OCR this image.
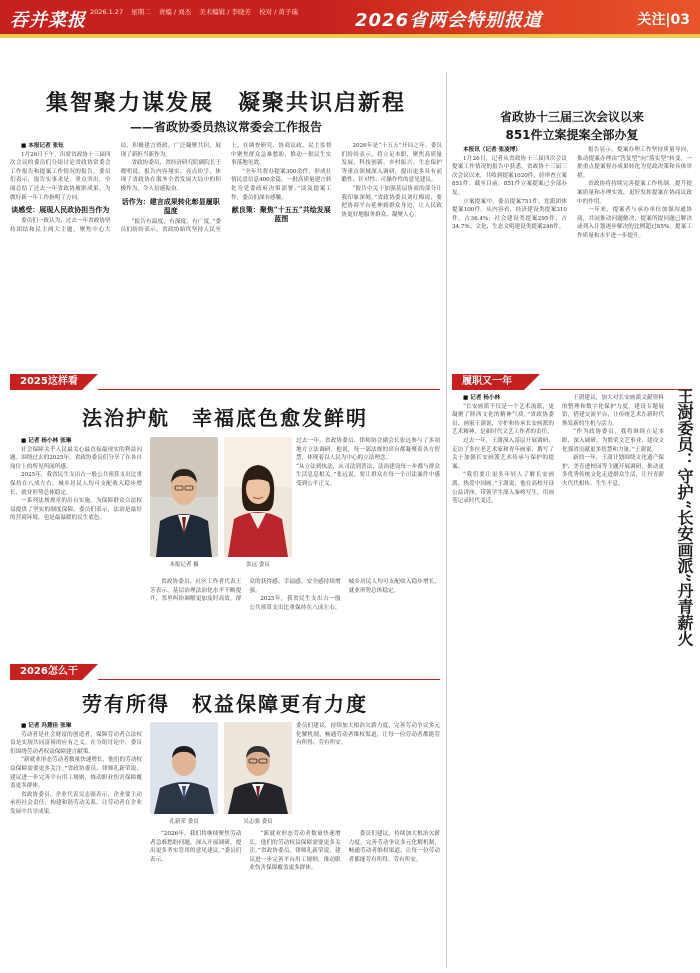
吞并菜报 2026.1.27 星期二 责编 / 刘杰 美术编辑 / 李晓芳 校对 / 黄子瑞	2026省两会特别报道	关注|03
集智聚力谋发展　凝聚共识启新程
——省政协委员热议常委会工作报告

■ 本报记者 张钰

1月26日下午，出席省政协十三届四次会议的委员们分组讨论省政协常委会工作报告和提案工作情况的报告。委员们表示，报告实事求是、重点突出，全面总结了过去一年省政协履职成果，为做好新一年工作指明了方向。

谈感受：展现人民政协担当作为

委员们一致认为，过去一年省政协坚持团结和民主两大主题，聚焦中心大局，积极建言资政，广泛凝聚共识，展现了新担当新作为。

省政协委员、省经济研究院副院长王晓明说，报告内容翔实、亮点纷呈，体现了省政协在服务全省发展大局中的积极作为，令人倍感振奋。

话作为：建言成果转化彰显履职温度

“报告有温度、有深度、有广度。”委员们纷纷表示，省政协始终坚持人民至上，在调查研究、协商议政、民主监督中聚焦群众急难愁盼，推动一批民生实事落地见效。

“全年共督办提案300余件，形成社情民意信息400余篇，一批高质量建言转化为党委政府决策部署。”谈及提案工作，委员们深有感触。

献良策：聚焦“十五五”共绘发展蓝图

2026年是“十五五”开局之年。委员们纷纷表示，将立足本职，聚焦高质量发展、科技创新、乡村振兴、生态保护等重点领域深入调研，提出更多具有前瞻性、针对性、可操作性的意见建议。

“报告中关于加强基层协商的部分让我印象深刻。”省政协委员刘红梅说，要把协商平台延伸到群众身边，让人民政协更好地服务群众、凝聚人心。

省政协十三届三次会议以来
851件立案提案全部办复

本报讯（记者 张凌博）

1月26日，记者从省政协十三届四次会议提案工作情况的报告中获悉，省政协十三届三次会议以来，共收到提案1020件，经审查立案851件。截至目前，851件立案提案已全部办复。

立案提案中，委员提案751件，党派团体提案100件。从内容看，经济建设类提案310件，占36.4%；社会建设类提案295件，占34.7%；文化、生态文明建设类提案246件。

报告显示，提案办理工作坚持质量导向，推动提案办理由“答复型”向“落实型”转变，一批重点提案督办成果转化为党政决策和具体举措。

省政协将持续完善提案工作机制，提升提案质量和办理实效，更好发挥提案在协商议政中的作用。

一年来，提案者与承办单位加强沟通协商，共同推动问题解决，提案所提问题已解决或列入计划逐步解决的比例超过85%，提案工作质量和水平进一步提升。

2025这样看
法治护航　幸福底色愈发鲜明

■ 记者 杨小林 张琳

社会保障关乎人民最关心最直接最现实的利益问题。围绕过去的2025年，省政协委员们分享了在各自岗位上的所见所闻所感。

2025年，我省民生支出占一般公共预算支出比重保持在八成左右，城乡居民人均可支配收入稳步增长，就业形势总体稳定。

一系列法规规章的出台实施，为保障群众合法权益提供了坚实的制度保障。委员们表示，法治是最好的营商环境，也是最温暖的民生底色。

本报记者 摄	张远 委员

过去一年，省政协委员、律师协会副会长张远参与了多项地方立法调研。他说，每一部法规的出台都凝聚着各方智慧，体现着以人民为中心的立法理念。

“从立法到执法，从司法到普法，法治建设每一步都与群众生活息息相关。”张远说，要让群众在每一个司法案件中感受到公平正义。

省政协委员、社区工作者代表王芳表示，基层治理法治化水平不断提升，邻里纠纷调解更加及时高效，群众的获得感、幸福感、安全感持续增强。

2025年，我省民生支出占一般公共预算支出比重保持在八成左右，城乡居民人均可支配收入稳步增长，就业形势总体稳定。

2026怎么干
劳有所得　权益保障更有力度

■ 记者 冯慧佳 张琳

劳动者是社会财富的创造者，保障劳动者合法权益是实现共同富裕的应有之义。在分组讨论中，委员们围绕劳动者权益保障建言献策。

“新就业形态劳动者数量快速增长，他们的劳动权益保障需要更多关注。”省政协委员、律师孔新荣说，建议进一步完善平台用工规则，推动职业伤害保障覆盖更多群体。

省政协委员、企业代表吴志强表示，企业要主动承担社会责任，构建和谐劳动关系，让劳动者在企业发展中共享成果。

孔新荣 委员	吴志强 委员

委员们建议，持续加大根治欠薪力度，完善劳动争议多元化解机制，畅通劳动者维权渠道，让每一位劳动者都能劳有所得、劳有所安。

“2026年，我们将继续聚焦劳动者急难愁盼问题，深入开展调研，提出更多务实管用的意见建议。”委员们表示。

“新就业形态劳动者数量快速增长，他们的劳动权益保障需要更多关注。”省政协委员、律师孔新荣说，建议进一步完善平台用工规则，推动职业伤害保障覆盖更多群体。

委员们建议，持续加大根治欠薪力度，完善劳动争议多元化解机制，畅通劳动者维权渠道，让每一位劳动者都能劳有所得、劳有所安。

履职又一年

■ 记者 杨小林

“长安画派不仅是一个艺术流派，更凝聚了陕西文化的精神气质。”省政协委员、画家王澍说，守护和传承长安画派的艺术精神，是新时代文艺工作者的责任。

过去一年，王澍深入基层开展调研，走访了多位老艺术家和青年画家，撰写了关于加强长安画派艺术传承与保护的提案。

“我们要让更多年轻人了解长安画派、热爱中国画。”王澍说，他在高校开设公益讲座，带领学生深入秦岭写生，用画笔记录时代变迁。

王澍建议，加大对长安画派文献资料的整理和数字化保护力度，建设专题展馆，搭建交流平台，让传统艺术在新时代焕发新的生机与活力。

“作为政协委员，我将继续立足本职，深入调研，为繁荣文艺事业、建设文化强省贡献更多智慧和力量。”王澍说。

新的一年，王澍计划围绕文化遗产保护、美育进校园等主题开展调研，推动更多优秀传统文化走进群众生活，让丹青薪火代代相传、生生不息。	王澍委员：守护“长安画派”丹青薪火
